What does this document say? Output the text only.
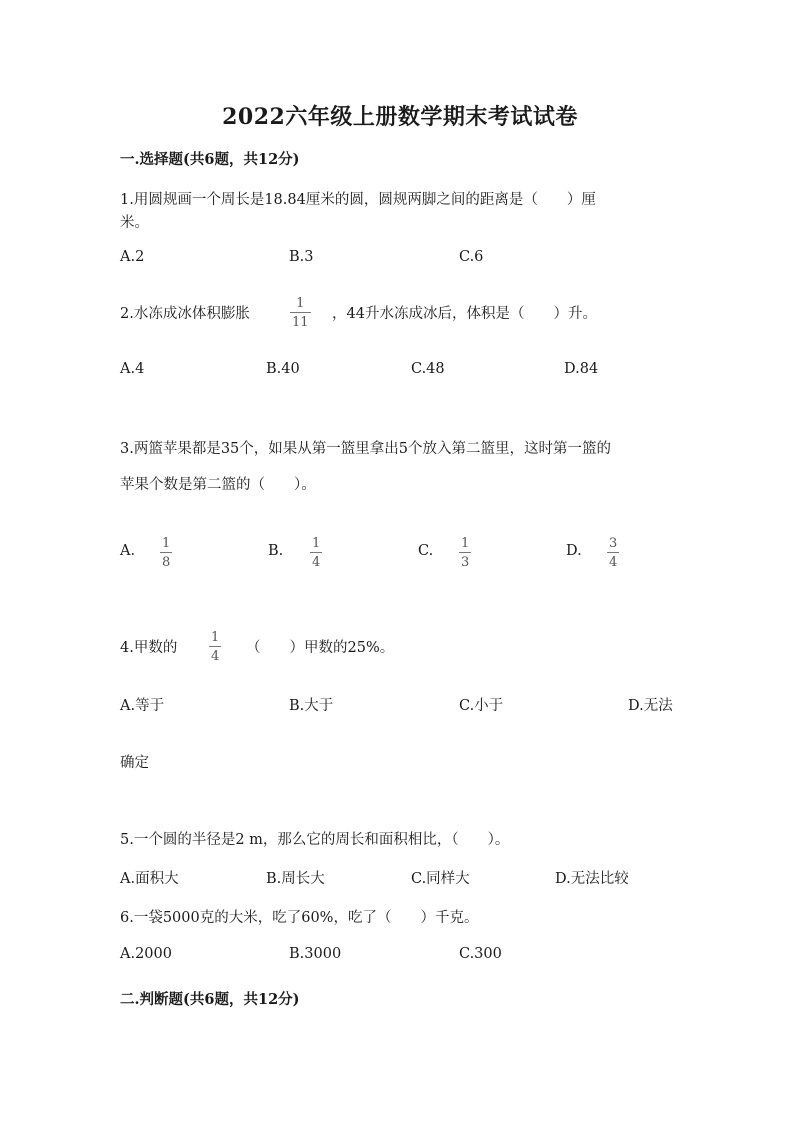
2022六年级上册数学期末考试试卷
一.选择题(共6题，共12分)
1.用圆规画一个周长是18.84厘米的圆，圆规两脚之间的距离是（　　）厘
米。
A.2	B.3	C.6
2.水冻成冰体积膨胀
1
11
，44升水冻成冰后，体积是（　　）升。
A.4	B.40	C.48	D.84
3.两篮苹果都是35个，如果从第一篮里拿出5个放入第二篮里，这时第一篮的
苹果个数是第二篮的（　　）。
A. 1
8
B. 1
4
C. 1
3
D. 3
4
4.甲数的
1
4
（　　）甲数的25%。
A.等于	B.大于	C.小于	D.无法
确定
5.一个圆的半径是2 m，那么它的周长和面积相比，（　　）。
A.面积大	B.周长大	C.同样大	D.无法比较
6.一袋5000克的大米，吃了60%，吃了（　　）千克。
A.2000	B.3000	C.300
二.判断题(共6题，共12分)
